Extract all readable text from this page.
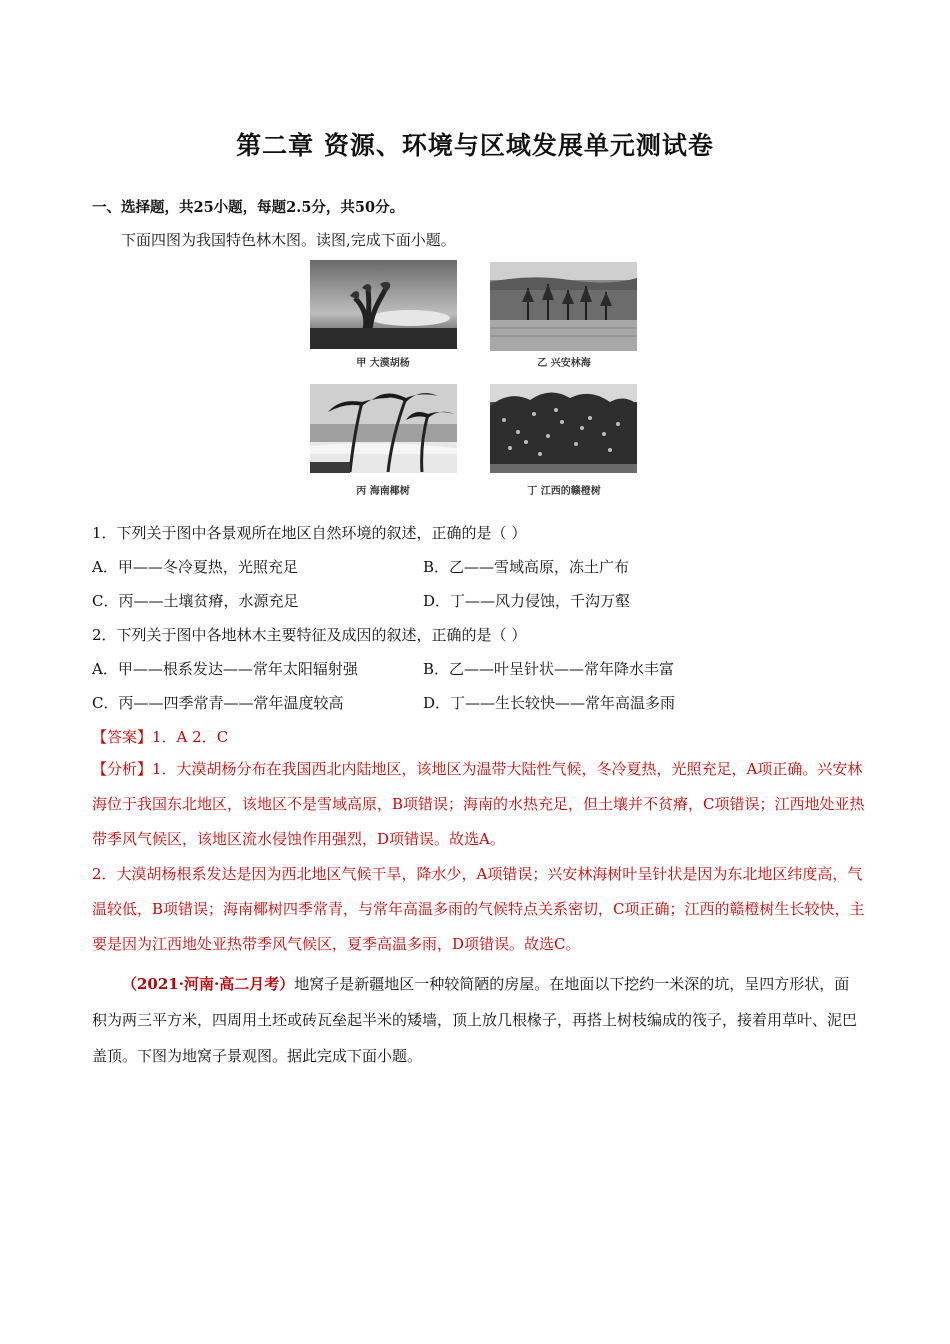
第二章 资源、环境与区域发展单元测试卷
一、选择题，共25小题，每题2.5分，共50分。
下面四图为我国特色林木图。读图,完成下面小题。
甲 大漠胡杨	乙 兴安林海
丙 海南椰树	丁 江西的赣橙树
1．下列关于图中各景观所在地区自然环境的叙述，正确的是（ ）
A．甲——冬冷夏热，光照充足	B．乙——雪域高原，冻土广布
C．丙——土壤贫瘠，水源充足	D．丁——风力侵蚀，千沟万壑
2．下列关于图中各地林木主要特征及成因的叙述，正确的是（ ）
A．甲——根系发达——常年太阳辐射强	B．乙——叶呈针状——常年降水丰富
C．丙——四季常青——常年温度较高	D．丁——生长较快——常年高温多雨
【答案】1．A 2．C
【分析】1．大漠胡杨分布在我国西北内陆地区，该地区为温带大陆性气候，冬冷夏热，光照充足，A项正确。兴安林海位于我国东北地区，该地区不是雪域高原，B项错误；海南的水热充足，但土壤并不贫瘠，C项错误；江西地处亚热带季风气候区，该地区流水侵蚀作用强烈，D项错误。故选A。
2．大漠胡杨根系发达是因为西北地区气候干旱，降水少，A项错误；兴安林海树叶呈针状是因为东北地区纬度高，气温较低，B项错误；海南椰树四季常青，与常年高温多雨的气候特点关系密切，C项正确；江西的赣橙树生长较快，主要是因为江西地处亚热带季风气候区，夏季高温多雨，D项错误。故选C。
（2021·河南·高二月考）地窝子是新疆地区一种较简陋的房屋。在地面以下挖约一米深的坑，呈四方形状，面积为两三平方米，四周用土坯或砖瓦垒起半米的矮墙，顶上放几根椽子，再搭上树枝编成的筏子，接着用草叶、泥巴盖顶。下图为地窝子景观图。据此完成下面小题。
